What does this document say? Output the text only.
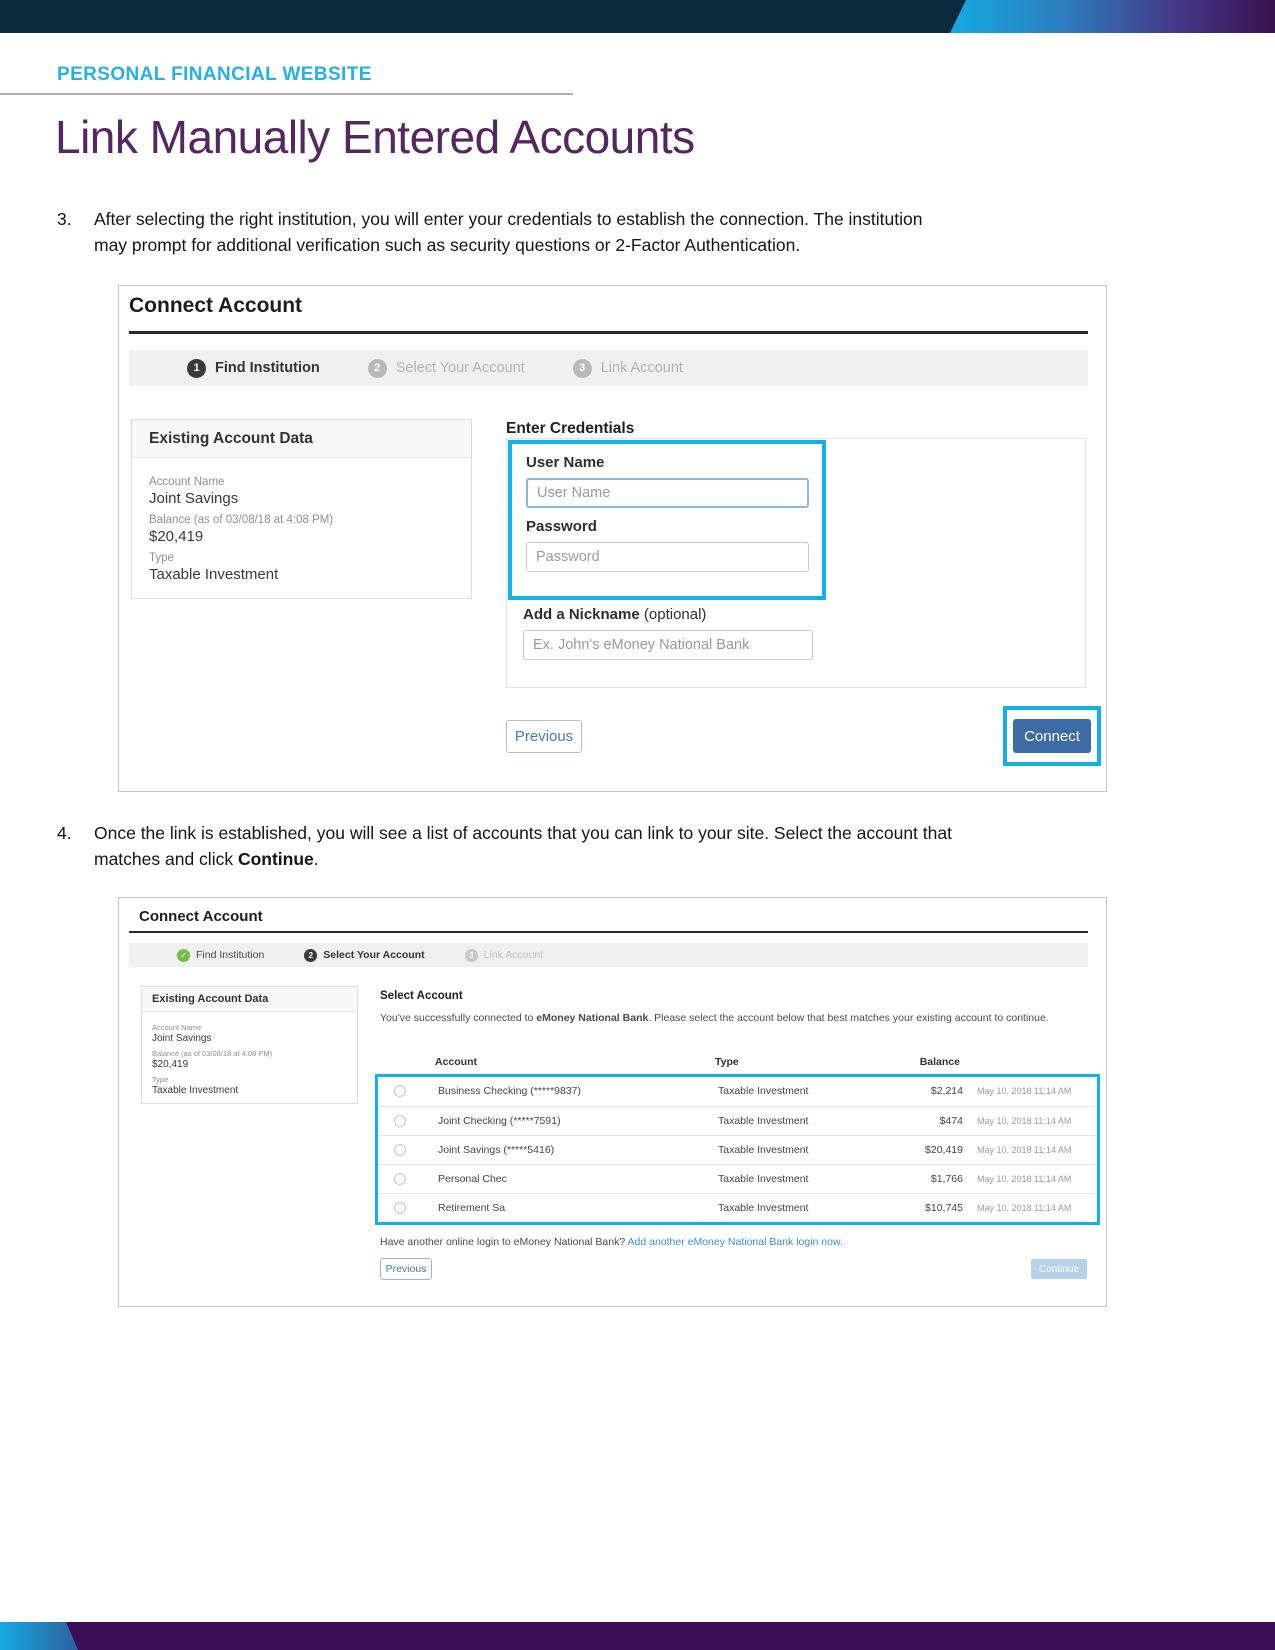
PERSONAL FINANCIAL WEBSITE
Link Manually Entered Accounts
3.	After selecting the right institution, you will enter your credentials to establish the connection. The institution
may prompt for additional verification such as security questions or 2-Factor Authentication.
Connect Account
1	Find Institution	2	Select Your Account	3	Link Account
Existing Account Data
Account Name
Joint Savings
Balance (as of 03/08/18 at 4:08 PM)
$20,419
Type
Taxable Investment
Enter Credentials
User Name
User Name
Password
Password
Add a Nickname (optional)
Ex. John's eMoney National Bank
Previous	Connect
4.	Once the link is established, you will see a list of accounts that you can link to your site. Select the account that
matches and click Continue.
Connect Account
✓ Find Institution	2 Select Your Account	3 Link Account
Existing Account Data
Account Name
Joint Savings
Balance (as of 03/08/18 at 4:08 PM)
$20,419
Type
Taxable Investment
Select Account
You've successfully connected to eMoney National Bank. Please select the account below that best matches your existing account to continue.
Account	Type	Balance
Business Checking (*****9837)	Taxable Investment	$2,214 May 10, 2018 11:14 AM
Joint Checking (*****7591)	Taxable Investment	$474 May 10, 2018 11:14 AM
Joint Savings (*****5416)	Taxable Investment	$20,419 May 10, 2018 11:14 AM
Personal Chec	Taxable Investment	$1,766 May 10, 2018 11:14 AM
Retirement Sa	Taxable Investment	$10,745 May 10, 2018 11:14 AM
Have another online login to eMoney National Bank? Add another eMoney National Bank login now.
Previous	Continue
